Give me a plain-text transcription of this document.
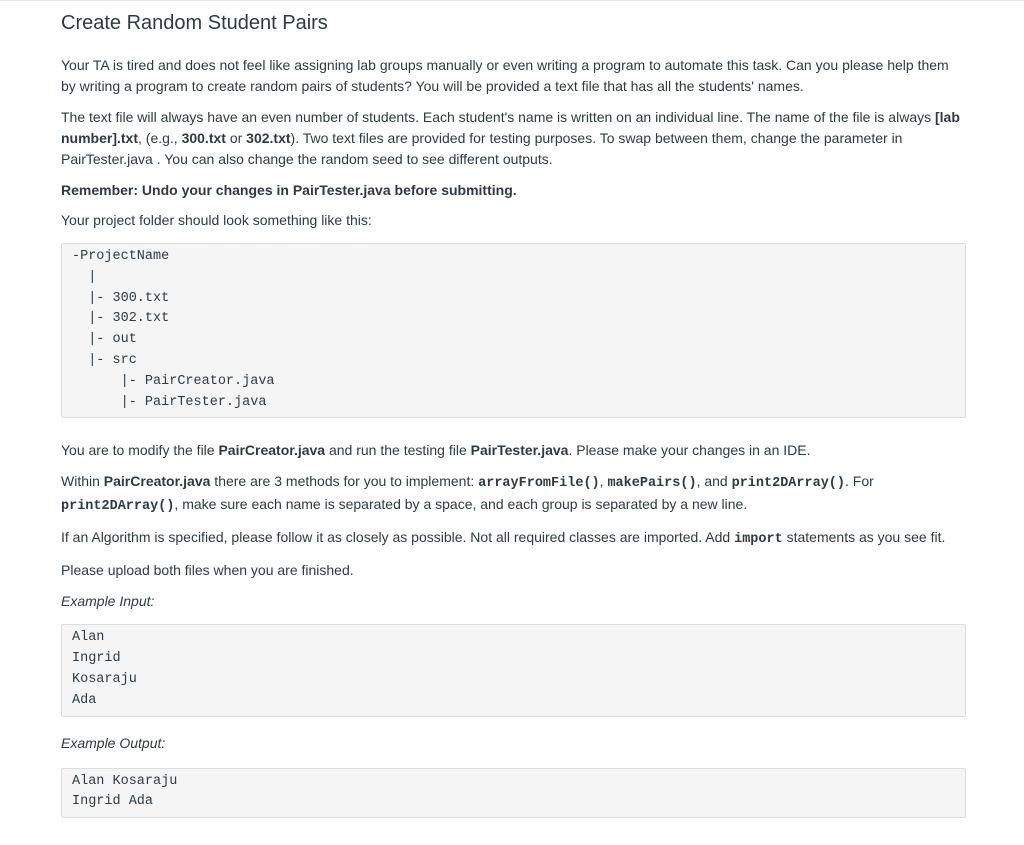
Create Random Student Pairs

Your TA is tired and does not feel like assigning lab groups manually or even writing a program to automate this task. Can you please help them by writing a program to create random pairs of students? You will be provided a text file that has all the students' names.

The text file will always have an even number of students. Each student's name is written on an individual line. The name of the file is always [lab number].txt, (e.g., 300.txt or 302.txt). Two text files are provided for testing purposes. To swap between them, change the parameter in PairTester.java . You can also change the random seed to see different outputs.

Remember: Undo your changes in PairTester.java before submitting.

Your project folder should look something like this:

-ProjectName
|
|- 300.txt
|- 302.txt
|- out
|- src
|- PairCreator.java
|- PairTester.java

You are to modify the file PairCreator.java and run the testing file PairTester.java. Please make your changes in an IDE.

Within PairCreator.java there are 3 methods for you to implement: arrayFromFile(), makePairs(), and print2DArray(). For print2DArray(), make sure each name is separated by a space, and each group is separated by a new line.

If an Algorithm is specified, please follow it as closely as possible. Not all required classes are imported. Add import statements as you see fit.

Please upload both files when you are finished.

Example Input:

Alan
Ingrid
Kosaraju
Ada

Example Output:

Alan Kosaraju
Ingrid Ada
